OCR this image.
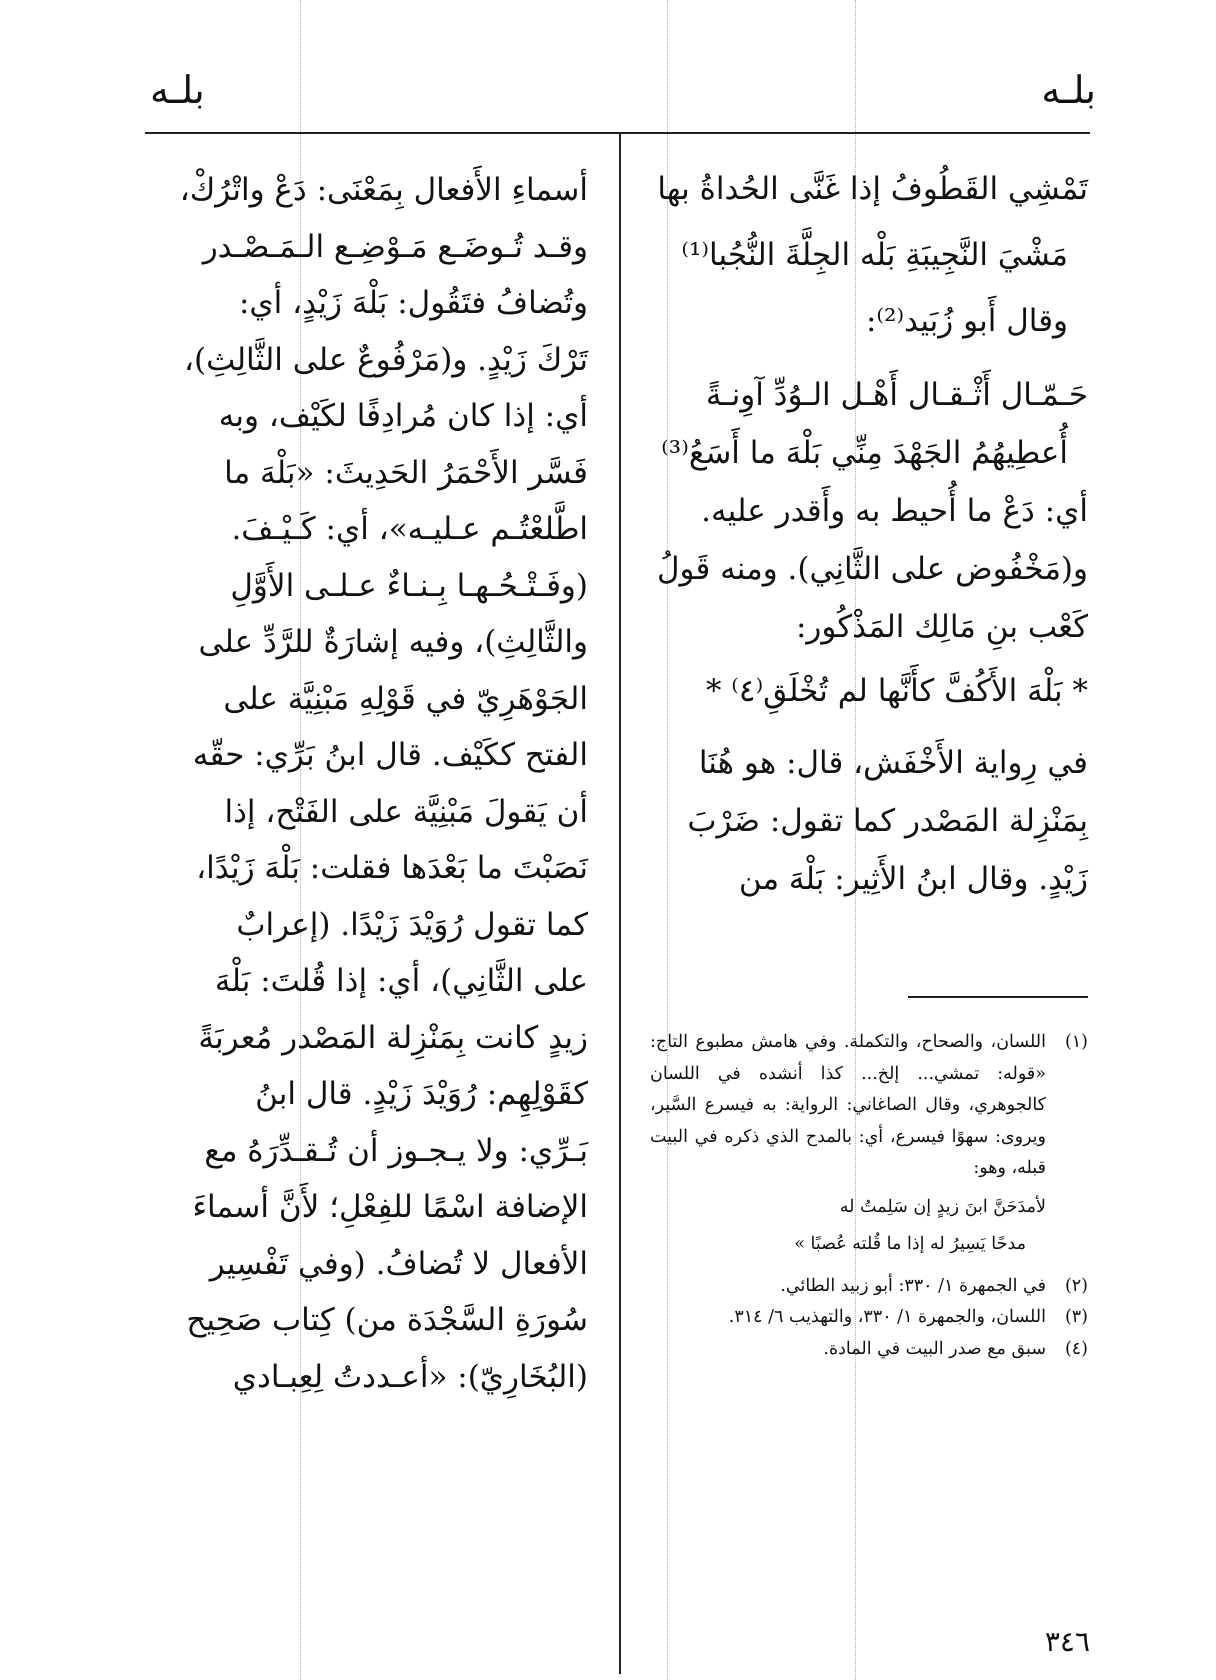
بلـه
بلـه
أسماءِ الأَفعال بِمَعْنَى: دَعْ واتْرُكْ،
وقـد تُـوضَـع مَـوْضِـع الـمَـصْـدر
وتُضافُ فتَقُول: بَلْهَ زَيْدٍ، أي:
تَرْكَ زَيْدٍ. و(مَرْفُوعٌ على الثَّالِثِ)،
أي: إذا كان مُرادِفًا لكَيْف، وبه
فَسَّر الأَحْمَرُ الحَدِيثَ: «بَلْهَ ما
اطَّلعْتُـم عـليـه»، أي: كَـيْـفَ.
(وفَـتْـحُـهـا بِـنـاءٌ عـلـى الأَوَّلِ
والثَّالِثِ)، وفيه إشارَةٌ للرَّدِّ على
الجَوْهَرِيّ في قَوْلِهِ مَبْنِيَّة على
الفتح ككَيْف. قال ابنُ بَرِّي: حقّه
أن يَقولَ مَبْنِيَّة على الفَتْح، إذا
نَصَبْتَ ما بَعْدَها فقلت: بَلْهَ زَيْدًا،
كما تقول رُوَيْدَ زَيْدًا. (إعرابٌ
على الثَّانِي)، أي: إذا قُلتَ: بَلْهَ
زيدٍ كانت بِمَنْزِلة المَصْدر مُعربَةً
كقَوْلِهِم: رُوَيْدَ زَيْدٍ. قال ابنُ
بَـرِّي: ولا يـجـوز أن تُـقـدِّرَهُ مع
الإضافة اسْمًا للفِعْلِ؛ لأَنَّ أسماءَ
الأفعال لا تُضافُ. (وفي تَفْسِير
سُورَةِ السَّجْدَة من) كِتاب صَحِيح
(البُخَارِيّ): «أعـددتُ لِعِبـادي
تَمْشِي القَطُوفُ إذا غَنَّى الحُداةُ بها
مَشْيَ النَّجِيبَةِ بَلْه الجِلَّةَ النُّجُبا⁽¹⁾
وقال أَبو زُبَيد⁽²⁾:
حَـمّـال أَثْـقـال أَهْـل الـوُدِّ آوِنـةً
أُعطِيهُمُ الجَهْدَ مِنِّي بَلْهَ ما أَسَعُ⁽³⁾
أي: دَعْ ما أُحيط به وأَقدر عليه.
و(مَخْفُوض على الثَّانِي). ومنه قَولُ
كَعْب بنِ مَالِك المَذْكُور:
* بَلْهَ الأَكُفَّ كأَنَّها لم تُخْلَقِ⁽٤⁾ *
في رِواية الأَخْفَش، قال: هو هُنَا
بِمَنْزِلة المَصْدر كما تقول: ضَرْبَ
زَيْدٍ. وقال ابنُ الأَثِير: بَلْهَ من
(١)
اللسان، والصحاح، والتكملة. وفي هامش مطبوع التاج: «قوله: تمشي... إلخ... كذا أنشده في اللسان كالجوهري، وقال الصاغاني: الرواية: به فيسرع السَّير، ويروى: سهوًا فيسرع، أي: بالمدح الذي ذكره في البيت قبله، وهو:
لأمدَحَنَّ ابنَ زيدٍ إن سَلِمتُ له
مدحًا يَسِيرُ له إذا ما قُلته عُصبًا »
(٢)
في الجمهرة ١/ ٣٣٠: أبو زبيد الطائي.
(٣)
اللسان، والجمهرة ١/ ٣٣٠، والتهذيب ٦/ ٣١٤.
(٤)
سبق مع صدر البيت في المادة.
٣٤٦
